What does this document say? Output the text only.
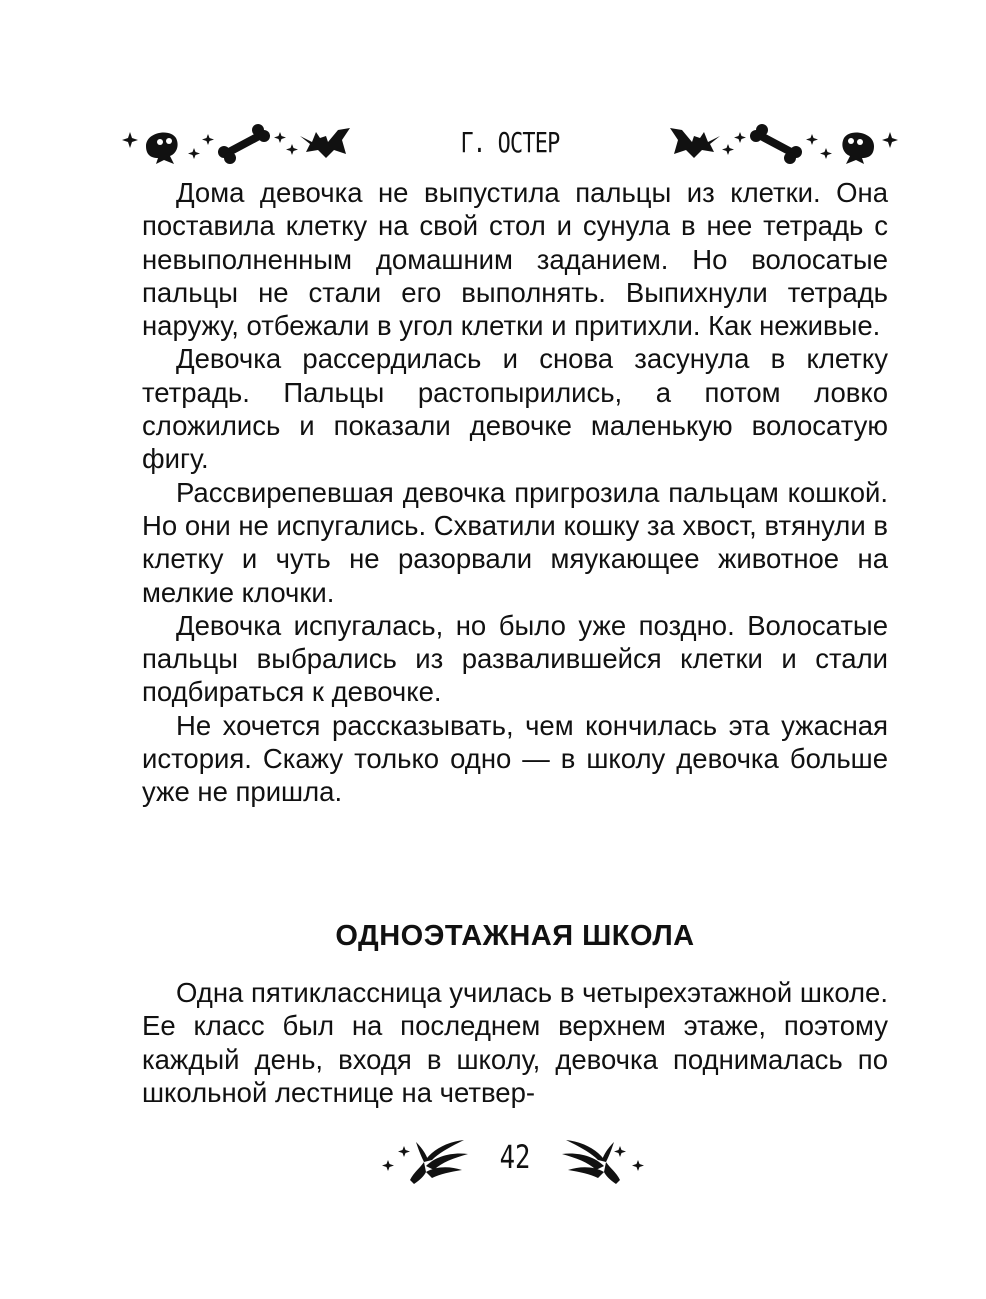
Г. ОСТЕР

Дома девочка не выпустила пальцы из клетки. Она поставила клетку на свой стол и сунула в нее тетрадь с невыполненным домашним заданием. Но волосатые пальцы не стали его выполнять. Выпихнули тетрадь наружу, отбежали в угол клетки и притихли. Как неживые.

Девочка рассердилась и снова засунула в клетку тетрадь. Пальцы растопырились, а потом ловко сложились и показали девочке маленькую волосатую фигу.

Рассвирепевшая девочка пригрозила пальцам кошкой. Но они не испугались. Схватили кошку за хвост, втянули в клетку и чуть не разорвали мяукающее животное на мелкие клочки.

Девочка испугалась, но было уже поздно. Волосатые пальцы выбрались из развалившейся клетки и стали подбираться к девочке.

Не хочется рассказывать, чем кончилась эта ужасная история. Скажу только одно — в школу девочка больше уже не пришла.

ОДНОЭТАЖНАЯ ШКОЛА

Одна пятиклассница училась в четырехэтажной школе. Ее класс был на последнем верхнем этаже, поэтому каждый день, входя в школу, девочка поднималась по школьной лестнице на четвер-

42
